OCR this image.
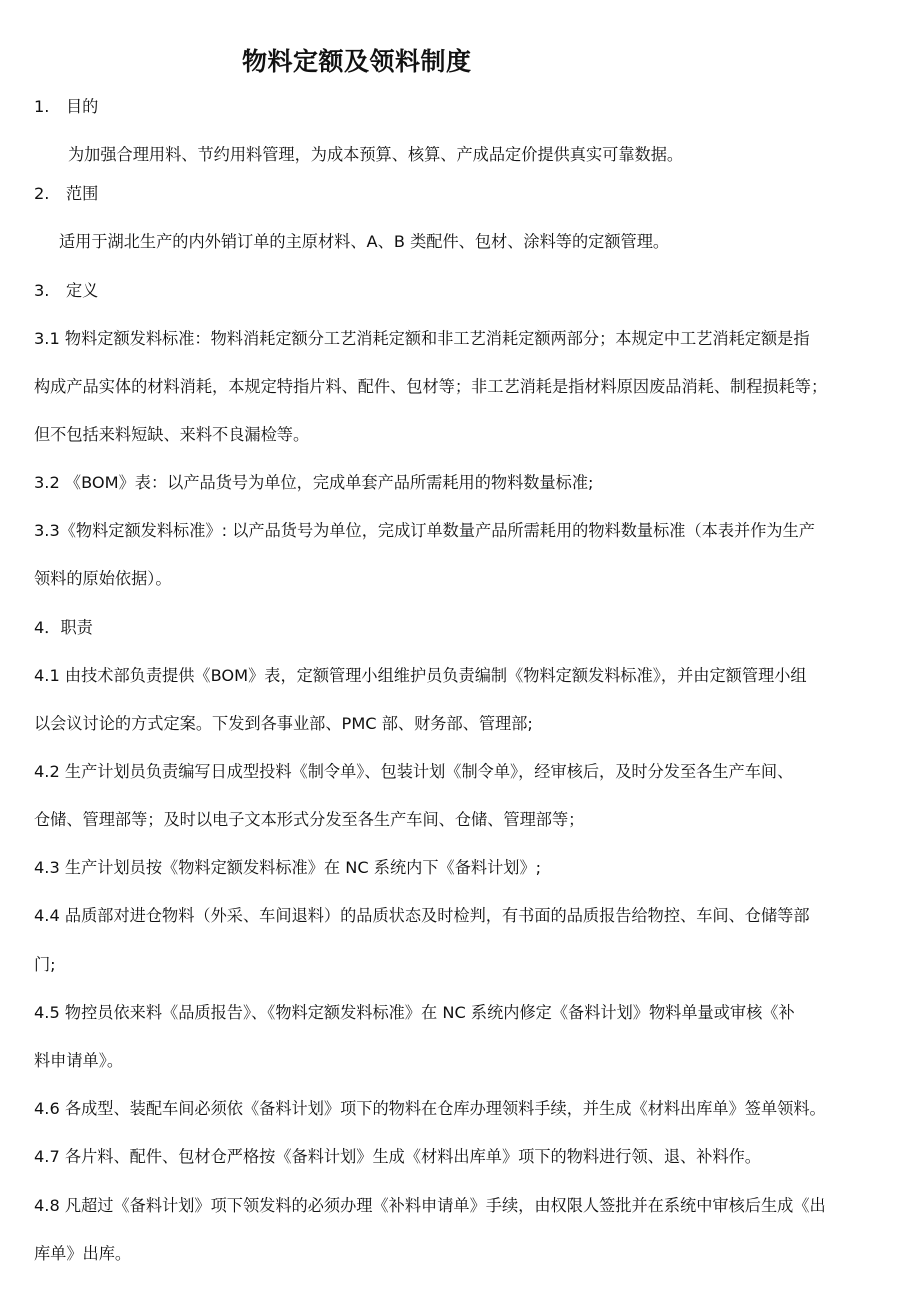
物料定额及领料制度
1. 目的
为加强合理用料、节约用料管理，为成本预算、核算、产成品定价提供真实可靠数据。
2. 范围
适用于湖北生产的内外销订单的主原材料、A、B 类配件、包材、涂料等的定额管理。
3. 定义
3.1 物料定额发料标准：物料消耗定额分工艺消耗定额和非工艺消耗定额两部分；本规定中工艺消耗定额是指
构成产品实体的材料消耗，本规定特指片料、配件、包材等；非工艺消耗是指材料原因废品消耗、制程损耗等；
但不包括来料短缺、来料不良漏检等。
3.2 《BOM》表：以产品货号为单位，完成单套产品所需耗用的物料数量标准;
3.3《物料定额发料标准》: 以产品货号为单位，完成订单数量产品所需耗用的物料数量标准（本表并作为生产
领料的原始依据）。
4．职责
4.1 由技术部负责提供《BOM》表，定额管理小组维护员负责编制《物料定额发料标准》，并由定额管理小组
以会议讨论的方式定案。下发到各事业部、PMC 部、财务部、管理部;
4.2 生产计划员负责编写日成型投料《制令单》、包装计划《制令单》，经审核后，及时分发至各生产车间、
仓储、管理部等；及时以电子文本形式分发至各生产车间、仓储、管理部等；
4.3 生产计划员按《物料定额发料标准》在 NC 系统内下《备料计划》;
4.4 品质部对进仓物料（外采、车间退料）的品质状态及时检判，有书面的品质报告给物控、车间、仓储等部
门;
4.5 物控员依来料《品质报告》、《物料定额发料标准》在 NC 系统内修定《备料计划》物料单量或审核《补
料申请单》。
4.6 各成型、装配车间必须依《备料计划》项下的物料在仓库办理领料手续，并生成《材料出库单》签单领料。
4.7 各片料、配件、包材仓严格按《备料计划》生成《材料出库单》项下的物料进行领、退、补料作。
4.8 凡超过《备料计划》项下领发料的必须办理《补料申请单》手续，由权限人签批并在系统中审核后生成《出
库单》出库。
